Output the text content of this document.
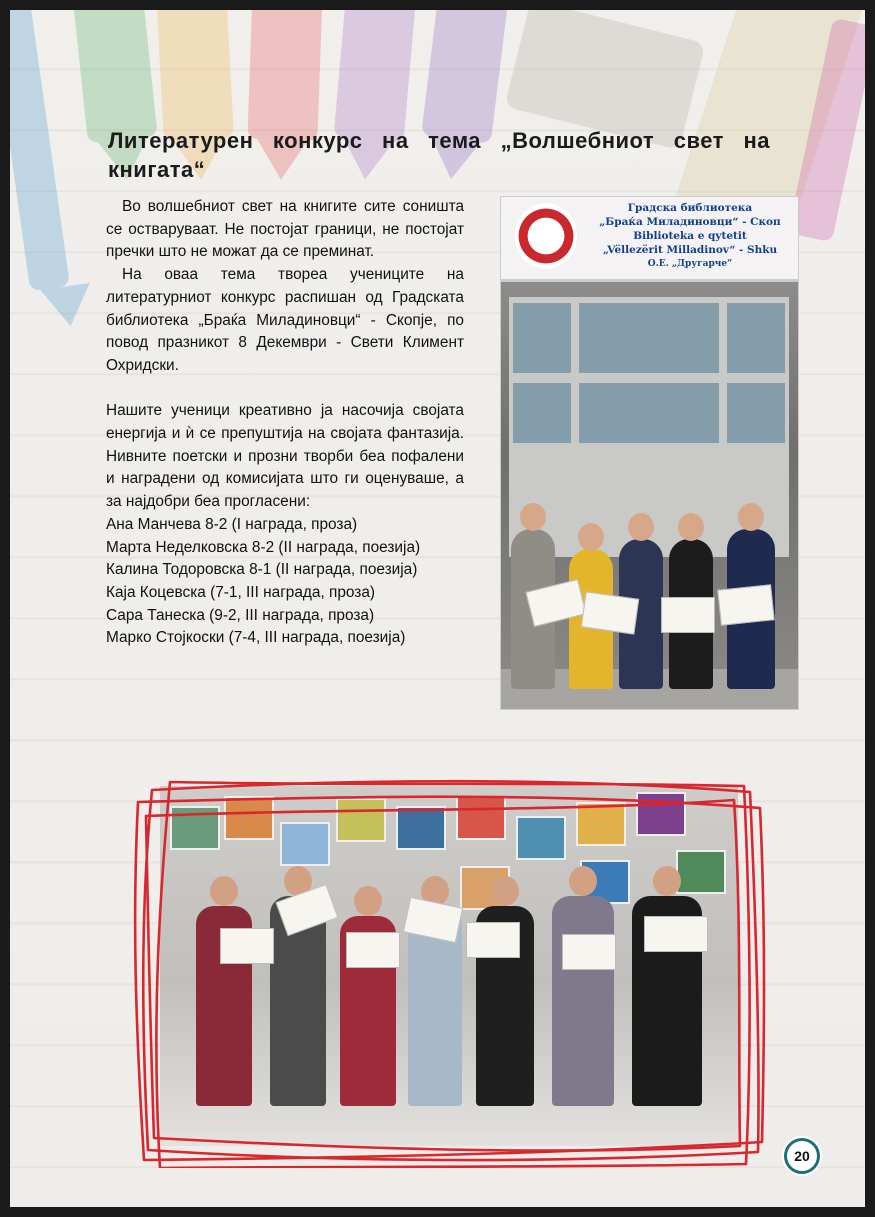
Литературен конкурс на тема „Волшебниот свет на книгата“

Во волшебниот свет на книгите сите соништа се остваруваат. Не постојат граници, не постојат пречки што не можат да се преминат.

На оваа тема твореа учениците на литературниот конкурс распишан од Градската библиотека „Браќа Миладиновци“ - Скопје, по повод празникот 8 Декември - Свети Климент Охридски.

Нашите ученици креативно ја насочија својата енергија и ѝ се препуштија на својата фантазија. Нивните поетски и прозни творби беа пофалени и наградени од комисијата што ги оценуваше, а за најдобри беа прогласени:

Ана Манчева 8-2 (I награда, проза)
Марта Неделковска 8-2 (II награда, поезија)
Калина Тодоровска 8-1 (II награда, поезија)
Каја Коцевска (7-1, III награда, проза)
Сара Танеска (9-2, III награда, проза)
Марко Стојкоски (7-4, III награда, поезија)
Градска библиотека
„Браќа Миладиновци“ - Скоп
Biblioteka e qytetit
„Vëllezërit Milladinov“ - Shku
О.Е. „Другарче“
20
